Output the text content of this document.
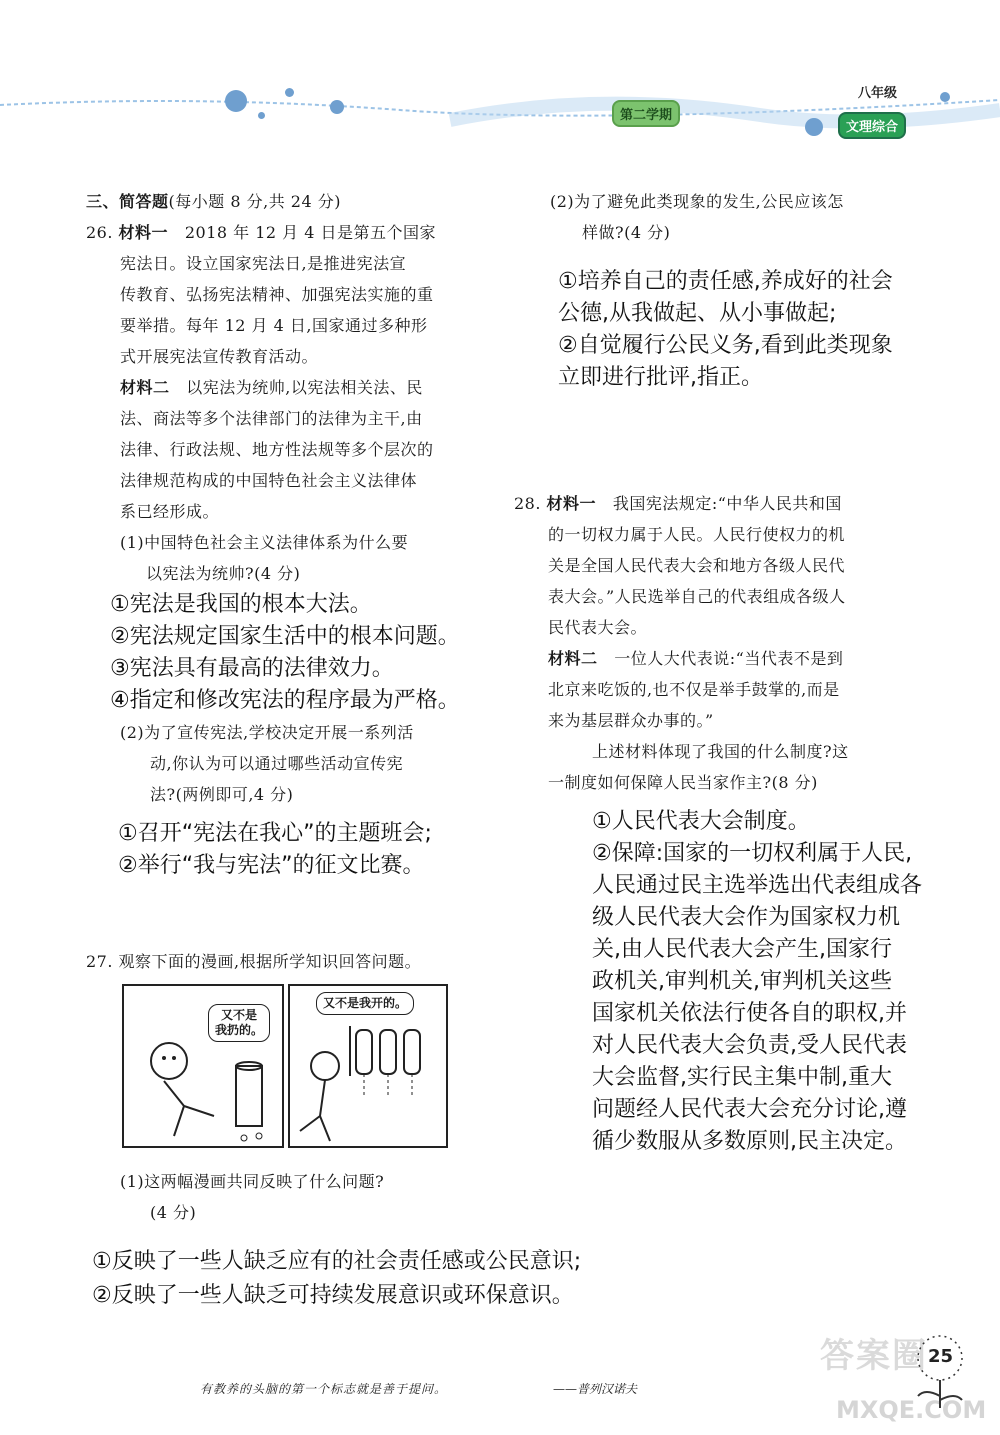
第二学期
八年级
文理综合

三、简答题(每小题 8 分,共 24 分)

26. 材料一 2018 年 12 月 4 日是第五个国家

宪法日。设立国家宪法日,是推进宪法宣

传教育、弘扬宪法精神、加强宪法实施的重

要举措。每年 12 月 4 日,国家通过多种形

式开展宪法宣传教育活动。

材料二 以宪法为统帅,以宪法相关法、民

法、商法等多个法律部门的法律为主干,由

法律、行政法规、地方性法规等多个层次的

法律规范构成的中国特色社会主义法律体

系已经形成。

(1)中国特色社会主义法律体系为什么要

以宪法为统帅?(4 分)

①宪法是我国的根本大法。

②宪法规定国家生活中的根本问题。

③宪法具有最高的法律效力。

④指定和修改宪法的程序最为严格。

(2)为了宣传宪法,学校决定开展一系列活

动,你认为可以通过哪些活动宣传宪

法?(两例即可,4 分)

①召开“宪法在我心”的主题班会;

②举行“我与宪法”的征文比赛。

27. 观察下面的漫画,根据所学知识回答问题。

又不是
我扔的。
又不是我开的。

(1)这两幅漫画共同反映了什么问题?

(4 分)

①反映了一些人缺乏应有的社会责任感或公民意识;

②反映了一些人缺乏可持续发展意识或环保意识。

(2)为了避免此类现象的发生,公民应该怎

样做?(4 分)

①培养自己的责任感,养成好的社会

公德,从我做起、从小事做起;

②自觉履行公民义务,看到此类现象

立即进行批评,指正。

28. 材料一 我国宪法规定:“中华人民共和国

的一切权力属于人民。人民行使权力的机

关是全国人民代表大会和地方各级人民代

表大会。”人民选举自己的代表组成各级人

民代表大会。

材料二 一位人大代表说:“当代表不是到

北京来吃饭的,也不仅是举手鼓掌的,而是

来为基层群众办事的。”

上述材料体现了我国的什么制度?这

一制度如何保障人民当家作主?(8 分)

①人民代表大会制度。

②保障:国家的一切权利属于人民,

人民通过民主选举选出代表组成各

级人民代表大会作为国家权力机

关,由人民代表大会产生,国家行

政机关,审判机关,审判机关这些

国家机关依法行使各自的职权,并

对人民代表大会负责,受人民代表

大会监督,实行民主集中制,重大

问题经人民代表大会充分讨论,遵

循少数服从多数原则,民主决定。

有教养的头脑的第一个标志就是善于提问。	——普列汉诺夫
答案圈
MXQE.COM
25
